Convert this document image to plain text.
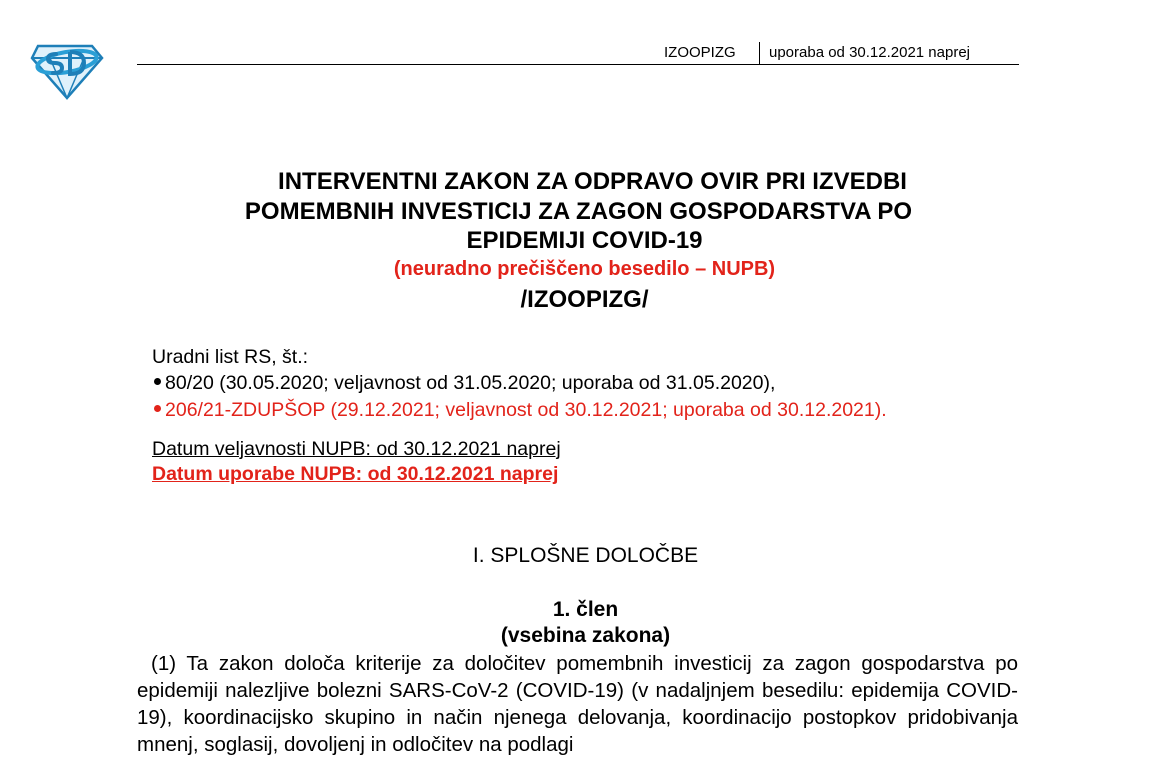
IZOOPIZG uporaba od 30.12.2021 naprej
INTERVENTNI ZAKON ZA ODPRAVO OVIR PRI IZVEDBI
POMEMBNIH INVESTICIJ ZA ZAGON GOSPODARSTVA PO
EPIDEMIJI COVID-19
(neuradno prečiščeno besedilo – NUPB)
/IZOOPIZG/
Uradni list RS, št.:
80/20 (30.05.2020; veljavnost od 31.05.2020; uporaba od 31.05.2020),
206/21-ZDUPŠOP (29.12.2021; veljavnost od 30.12.2021; uporaba od 30.12.2021).
Datum veljavnosti NUPB: od 30.12.2021 naprej
Datum uporabe NUPB: od 30.12.2021 naprej
I. SPLOŠNE DOLOČBE
1. člen
(vsebina zakona)
(1) Ta zakon določa kriterije za določitev pomembnih investicij za zagon gospodarstva po epidemiji nalezljive bolezni SARS-CoV-2 (COVID-19) (v nadaljnjem besedilu: epidemija COVID-19), koordinacijsko skupino in način njenega delovanja, koordinacijo postopkov pridobivanja mnenj, soglasij, dovoljenj in odločitev na podlagi
